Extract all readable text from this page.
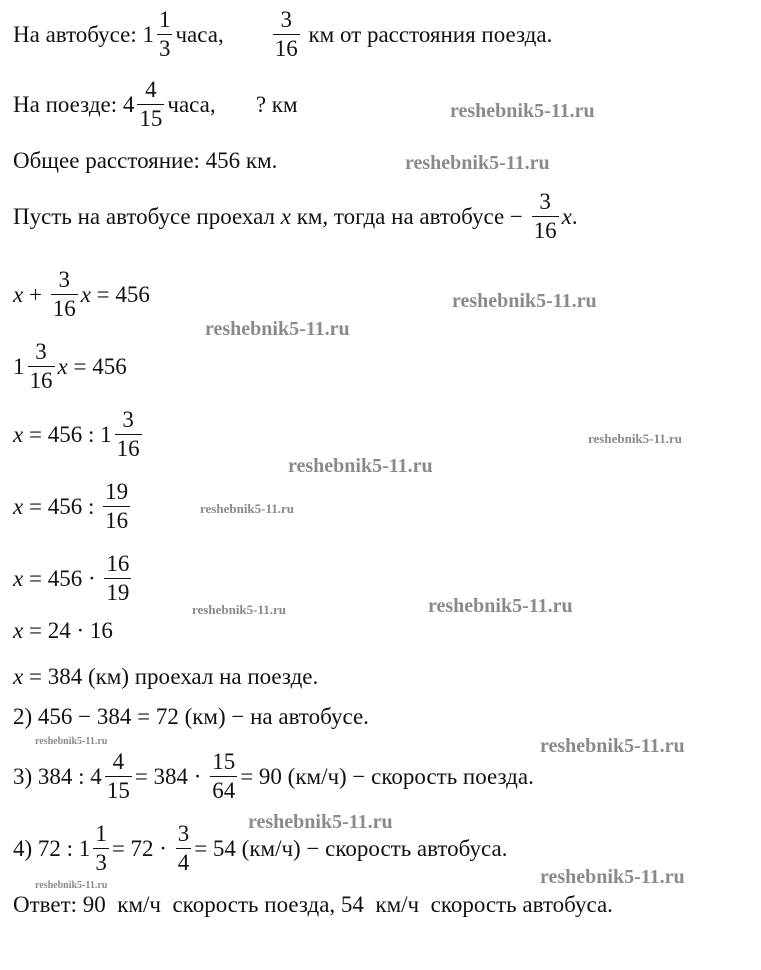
На автобусе: $1 \frac{1}{3}$ часа, $\frac{3}{16}$ км от расстояния поезда.
На поезде: $4 \frac{4}{15}$ часа,       ? км
Общее расстояние: 456 км.
Пусть на автобусе проехал x км, тогда на автобусе − $\frac{3}{16}$ x .
$x + \frac{3}{16}$ x = 456
$1 \frac{3}{16}$ x = 456
x = 456 : $1 \frac{3}{16}$
x = 456 : $\frac{19}{16}$
$x = 456 \cdot \frac{16}{19}$
x = 24 · 16
x = 384 (км) проехал на поезде.
2) 456 − 384 = 72 (км) − на автобусе.
3) 384 : $4 \frac{4}{15} = 384 \cdot \frac{15}{64} = 90$ (км/ч) − скорость поезда.
4) 72 : $1 \frac{1}{3} = 72 \cdot \frac{3}{4} = 54$ (км/ч) − скорость автобуса.
Ответ: 90  км/ч  скорость поезда, 54  км/ч  скорость автобуса.
reshebnik5-11.ru
reshebnik5-11.ru
reshebnik5-11.ru
reshebnik5-11.ru
reshebnik5-11.ru
reshebnik5-11.ru
reshebnik5-11.ru
reshebnik5-11.ru	reshebnik5-11.ru
reshebnik5-11.ru
reshebnik5-11.ru
reshebnik5-11.ru
reshebnik5-11.ru
reshebnik5-11.ru
